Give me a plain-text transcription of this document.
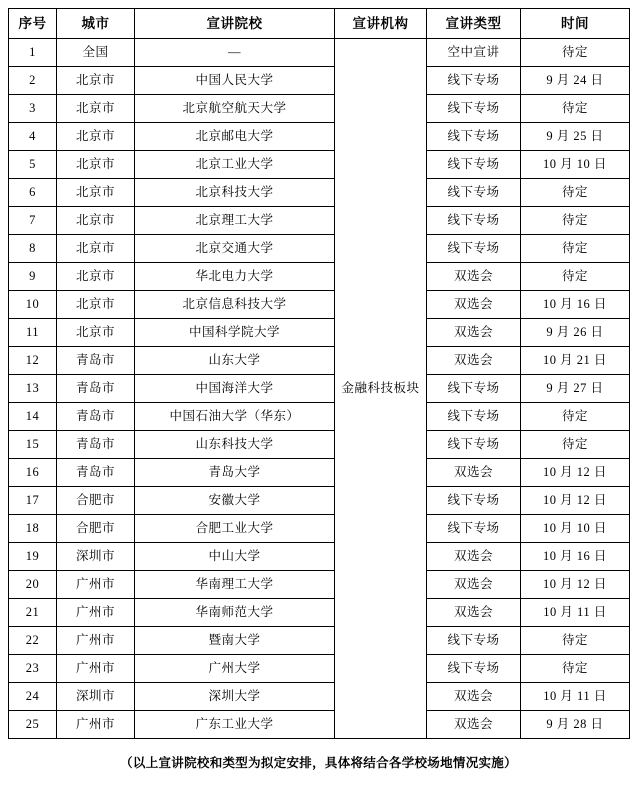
序号	城市	宣讲院校	宣讲机构	宣讲类型	时间
1	全国	—	金融科技板块	空中宣讲	待定
2	北京市	中国人民大学		线下专场	9 月 24 日
3	北京市	北京航空航天大学		线下专场	待定
4	北京市	北京邮电大学		线下专场	9 月 25 日
5	北京市	北京工业大学		线下专场	10 月 10 日
6	北京市	北京科技大学		线下专场	待定
7	北京市	北京理工大学		线下专场	待定
8	北京市	北京交通大学		线下专场	待定
9	北京市	华北电力大学		双选会	待定
10	北京市	北京信息科技大学		双选会	10 月 16 日
11	北京市	中国科学院大学		双选会	9 月 26 日
12	青岛市	山东大学		双选会	10 月 21 日
13	青岛市	中国海洋大学		线下专场	9 月 27 日
14	青岛市	中国石油大学（华东）		线下专场	待定
15	青岛市	山东科技大学		线下专场	待定
16	青岛市	青岛大学		双选会	10 月 12 日
17	合肥市	安徽大学		线下专场	10 月 12 日
18	合肥市	合肥工业大学		线下专场	10 月 10 日
19	深圳市	中山大学		双选会	10 月 16 日
20	广州市	华南理工大学		双选会	10 月 12 日
21	广州市	华南师范大学		双选会	10 月 11 日
22	广州市	暨南大学		线下专场	待定
23	广州市	广州大学		线下专场	待定
24	深圳市	深圳大学		双选会	10 月 11 日
25	广州市	广东工业大学		双选会	9 月 28 日
（以上宣讲院校和类型为拟定安排，具体将结合各学校场地情况实施）
